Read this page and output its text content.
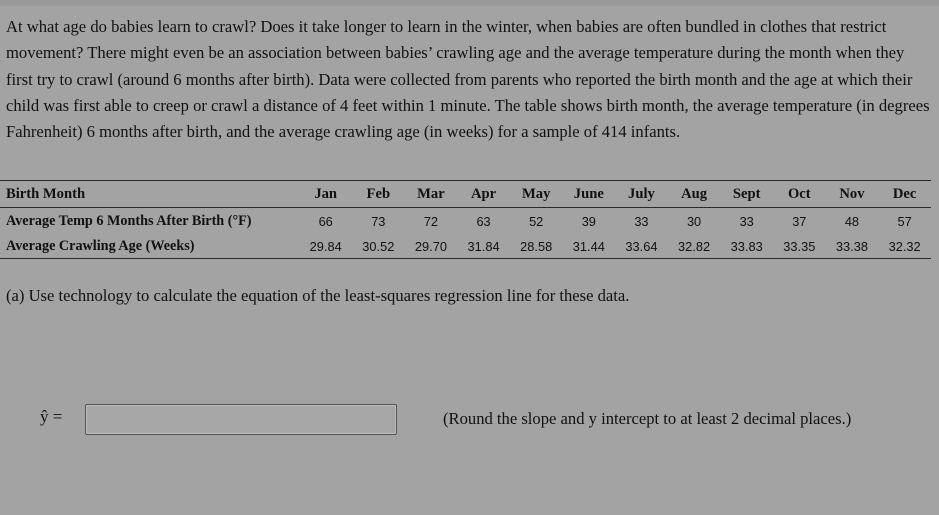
At what age do babies learn to crawl? Does it take longer to learn in the winter, when babies are often bundled in clothes that restrict movement? There might even be an association between babies’ crawling age and the average temperature during the month when they first try to crawl (around 6 months after birth). Data were collected from parents who reported the birth month and the age at which their child was first able to creep or crawl a distance of 4 feet within 1 minute. The table shows birth month, the average temperature (in degrees Fahrenheit) 6 months after birth, and the average crawling age (in weeks) for a sample of 414 infants.

Birth Month	Jan	Feb	Mar	Apr	May	June	July	Aug	Sept	Oct	Nov	Dec
Average Temp 6 Months After Birth (°F)	66	73	72	63	52	39	33	30	33	37	48	57
Average Crawling Age (Weeks)	29.84	30.52	29.70	31.84	28.58	31.44	33.64	32.82	33.83	33.35	33.38	32.32

(a) Use technology to calculate the equation of the least-squares regression line for these data.

ŷ =	(Round the slope and y intercept to at least 2 decimal places.)
